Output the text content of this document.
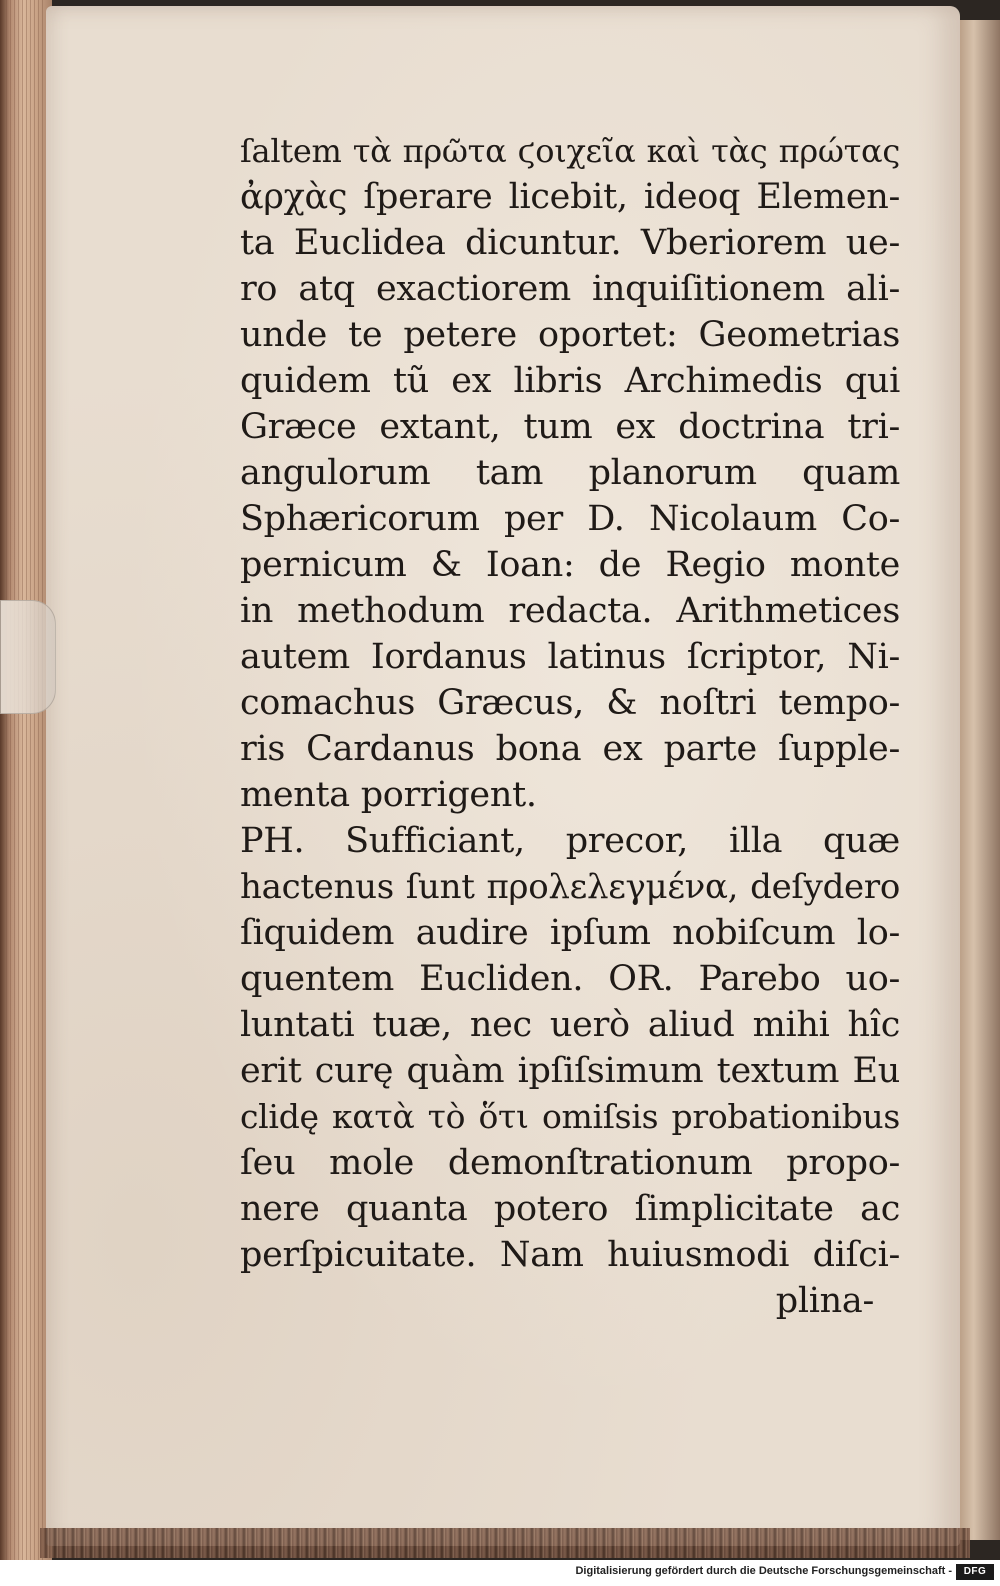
ſaltem τὰ πρῶτα ϛοιχεῖα καὶ τὰς πρώτας
ἀρχὰς ſperare licebit, ideoq Elemen-
ta Euclidea dicuntur. Vberiorem ue-
ro atq exactiorem inquiſitionem ali-
unde te petere oportet: Geometrias
quidem tũ ex libris Archimedis qui
Græce extant, tum ex doctrina tri-
angulorum tam planorum quam
Sphæricorum per D. Nicolaum Co-
pernicum & Ioan: de Regio monte
in methodum redacta. Arithmetices
autem Iordanus latinus ſcriptor, Ni-
comachus Græcus, & noſtri tempo-
ris Cardanus bona ex parte ſupple-
menta porrigent.
PH. Sufficiant, precor, illa quæ
hactenus ſunt προλελεγμένα, deſydero
ſiquidem audire ipſum nobiſcum lo-
quentem Eucliden. OR. Parebo uo-
luntati tuæ, nec uerò aliud mihi hîc
erit curę quàm ipſiſsimum textum Eu
clidę κατὰ τὸ ὅτι omiſsis probationibus
ſeu mole demonſtrationum propo-
nere quanta potero ſimplicitate ac
perſpicuitate. Nam huiusmodi diſci-
plina-
Digitalisierung gefördert durch die Deutsche Forschungsgemeinschaft -	DFG
